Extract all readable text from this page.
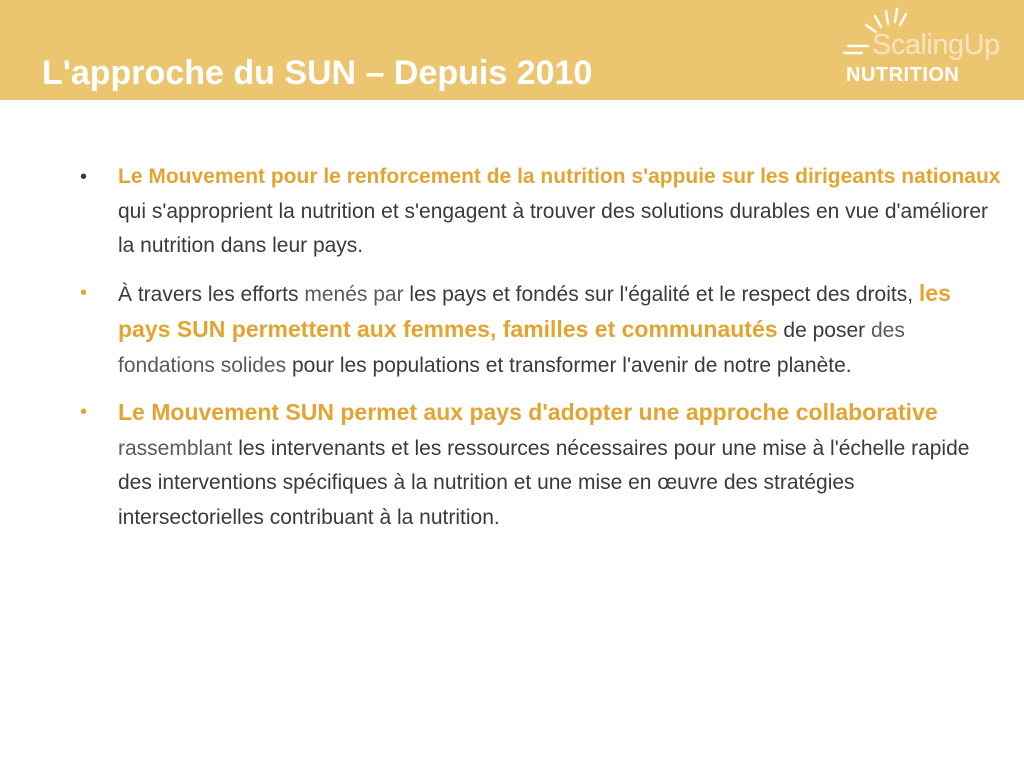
L'approche du SUN – Depuis 2010
ScalingUp
NUTRITION
• Le Mouvement pour le renforcement de la nutrition s'appuie sur les dirigeants nationaux
qui s'approprient la nutrition et s'engagent à trouver des solutions durables en vue d'améliorer la nutrition dans leur pays.
• À travers les efforts menés par les pays et fondés sur l'égalité et le respect des droits, les pays SUN permettent aux femmes, familles et communautés de poser des fondations solides pour les populations et transformer l'avenir de notre planète.
• Le Mouvement SUN permet aux pays d'adopter une approche collaborative rassemblant les intervenants et les ressources nécessaires pour une mise à l'échelle rapide des interventions spécifiques à la nutrition et une mise en œuvre des stratégies intersectorielles contribuant à la nutrition.
